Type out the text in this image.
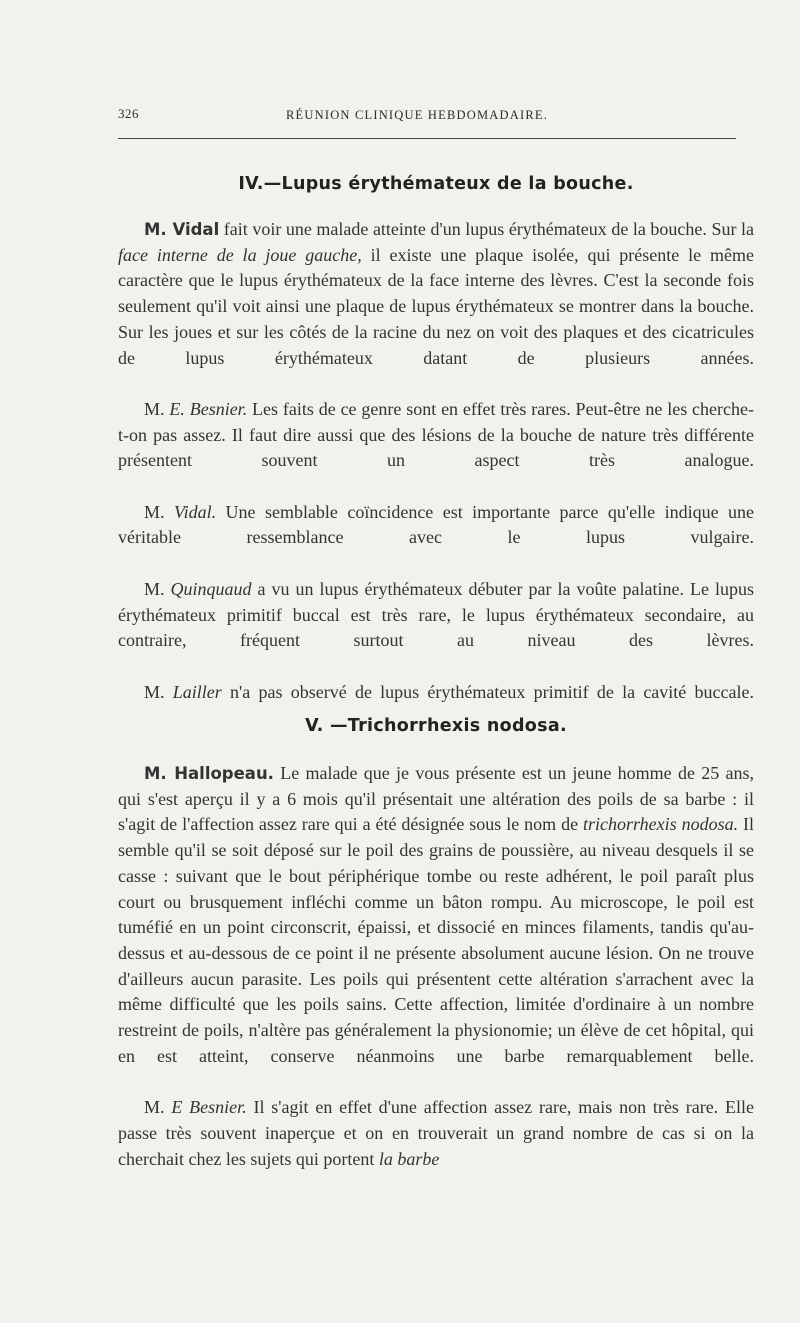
326	RÉUNION CLINIQUE HEBDOMADAIRE.
IV.—Lupus érythémateux de la bouche.

M. Vidal fait voir une malade atteinte d'un lupus érythémateux de la bouche. Sur la face interne de la joue gauche, il existe une plaque isolée, qui présente le même caractère que le lupus érythémateux de la face interne des lèvres. C'est la seconde fois seulement qu'il voit ainsi une plaque de lupus érythémateux se montrer dans la bouche. Sur les joues et sur les côtés de la racine du nez on voit des plaques et des cicatricules de lupus érythémateux datant de plusieurs années.

M. E. Besnier. Les faits de ce genre sont en effet très rares. Peut-être ne les cherche-t-on pas assez. Il faut dire aussi que des lésions de la bouche de nature très différente présentent souvent un aspect très analogue.

M. Vidal. Une semblable coïncidence est importante parce qu'elle indique une véritable ressemblance avec le lupus vulgaire.

M. Quinquaud a vu un lupus érythémateux débuter par la voûte palatine. Le lupus érythémateux primitif buccal est très rare, le lupus érythémateux secondaire, au contraire, fréquent surtout au niveau des lèvres.

M. Lailler n'a pas observé de lupus érythémateux primitif de la cavité buccale.

V. —Trichorrhexis nodosa.

M. Hallopeau. Le malade que je vous présente est un jeune homme de 25 ans, qui s'est aperçu il y a 6 mois qu'il présentait une altération des poils de sa barbe : il s'agit de l'affection assez rare qui a été désignée sous le nom de trichorrhexis nodosa. Il semble qu'il se soit déposé sur le poil des grains de poussière, au niveau desquels il se casse : suivant que le bout périphérique tombe ou reste adhérent, le poil paraît plus court ou brusquement infléchi comme un bâton rompu. Au microscope, le poil est tuméfié en un point circonscrit, épaissi, et dissocié en minces filaments, tandis qu'au-dessus et au-dessous de ce point il ne présente absolument aucune lésion. On ne trouve d'ailleurs aucun parasite. Les poils qui présentent cette altération s'arrachent avec la même difficulté que les poils sains. Cette affection, limitée d'ordinaire à un nombre restreint de poils, n'altère pas généralement la physionomie; un élève de cet hôpital, qui en est atteint, conserve néanmoins une barbe remarquablement belle.

M. E Besnier. Il s'agit en effet d'une affection assez rare, mais non très rare. Elle passe très souvent inaperçue et on en trouverait un grand nombre de cas si on la cherchait chez les sujets qui portent la barbe
